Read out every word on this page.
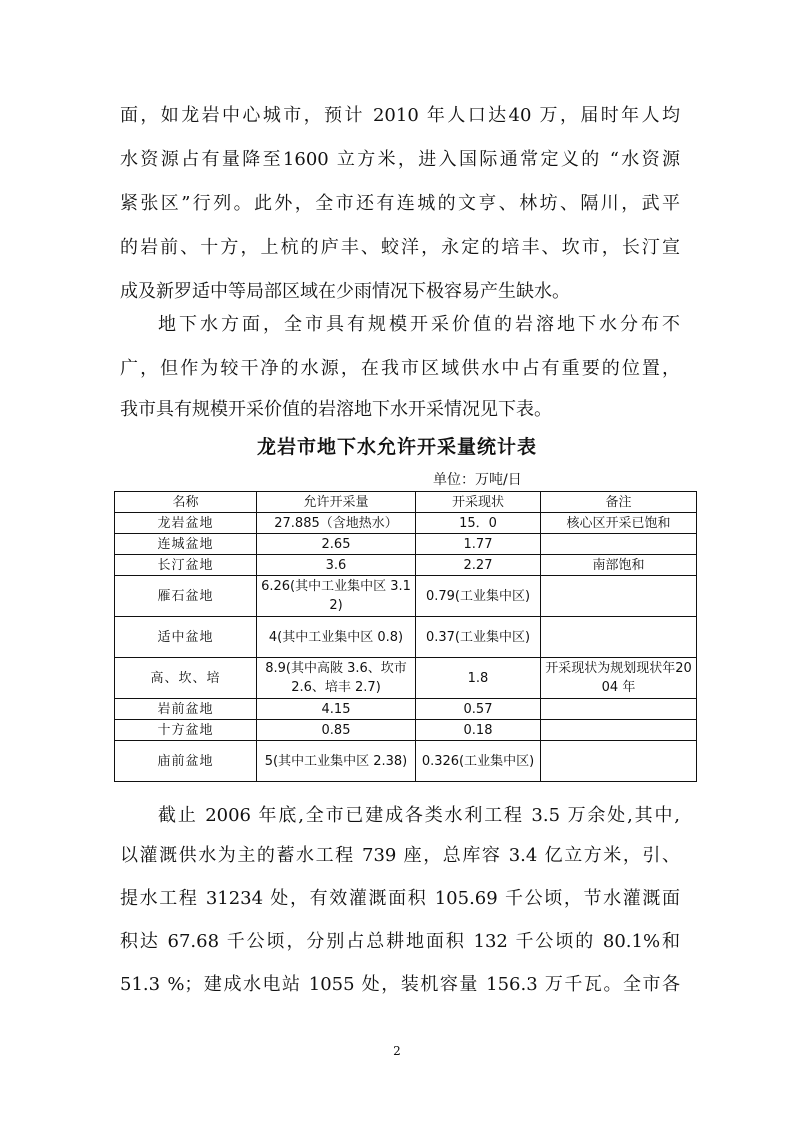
面，如龙岩中心城市，预计 2010 年人口达40 万，届时年人均
水资源占有量降至1600 立方米，进入国际通常定义的 “水资源
紧张区”行列。此外，全市还有连城的文亨、林坊、隔川，武平
的岩前、十方，上杭的庐丰、蛟洋，永定的培丰、坎市，长汀宣
成及新罗适中等局部区域在少雨情况下极容易产生缺水。
地下水方面，全市具有规模开采价值的岩溶地下水分布不
广，但作为较干净的水源，在我市区域供水中占有重要的位置，
我市具有规模开采价值的岩溶地下水开采情况见下表。
龙岩市地下水允许开采量统计表
单位：万吨/日
名称	允许开采量	开采现状	备注
龙岩盆地	27.885（含地热水）	15．0	核心区开采已饱和
连城盆地	2.65	1.77	
长汀盆地	3.6	2.27	南部饱和
雁石盆地	6.26(其中工业集中区 3.12)	0.79(工业集中区)	
适中盆地	4(其中工业集中区 0.8)	0.37(工业集中区)	
高、坎、培	8.9(其中高陂 3.6、坎市 2.6、培丰 2.7)	1.8	开采现状为规划现状年2004 年
岩前盆地	4.15	0.57	
十方盆地	0.85	0.18	
庙前盆地	5(其中工业集中区 2.38)	0.326(工业集中区)	
截止 2006 年底,全市已建成各类水利工程 3.5 万余处,其中,
以灌溉供水为主的蓄水工程 739 座，总库容 3.4 亿立方米，引、
提水工程 31234 处，有效灌溉面积 105.69 千公顷，节水灌溉面
积达 67.68 千公顷，分别占总耕地面积 132 千公顷的 80.1%和
51.3 %；建成水电站 1055 处，装机容量 156.3 万千瓦。全市各
2
